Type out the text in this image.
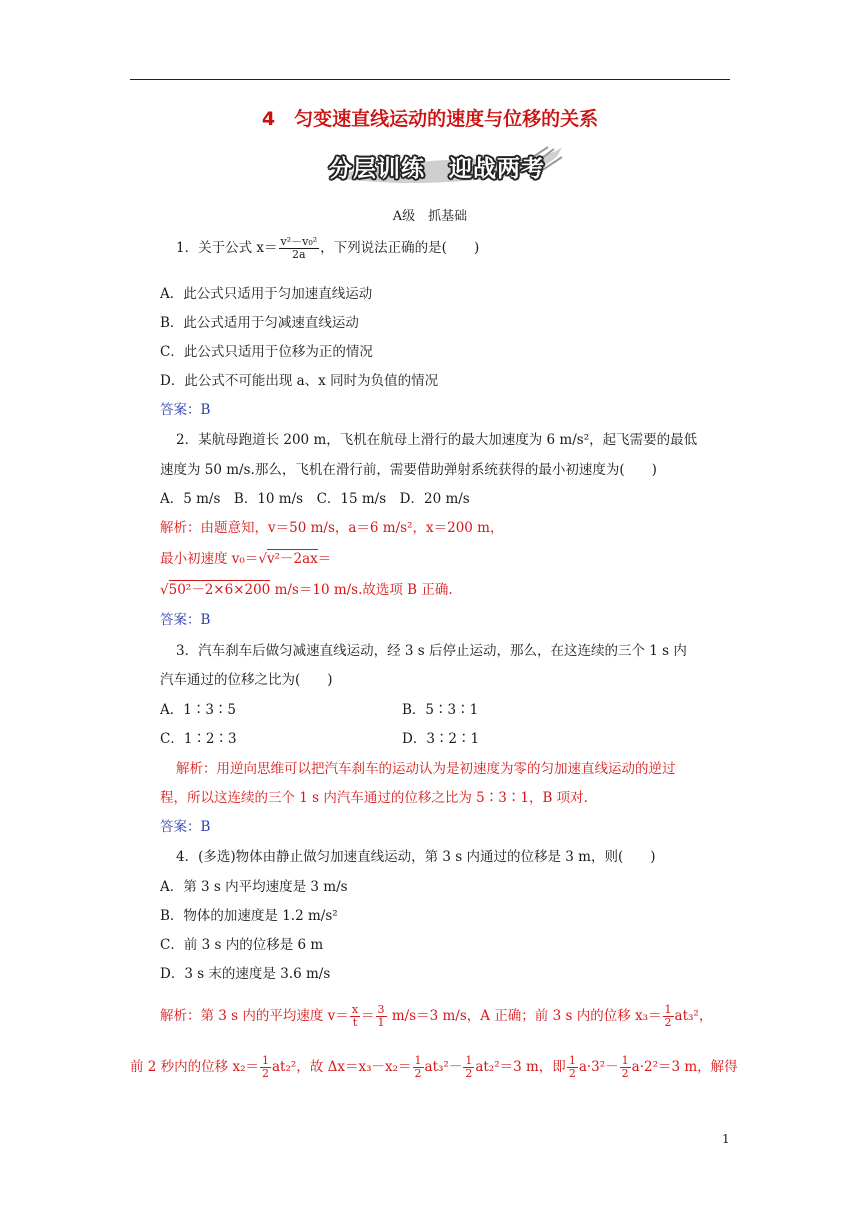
4　匀变速直线运动的速度与位移的关系
分层训练　迎战两考
A级　抓基础
1．关于公式 $x= \frac{\text{v²－v₀²}}{2a}$ ，下列说法正确的是(　　)
A．此公式只适用于匀加速直线运动
B．此公式适用于匀减速直线运动
C．此公式只适用于位移为正的情况
D．此公式不可能出现 a、x 同时为负值的情况
答案：B
2．某航母跑道长 200 m，飞机在航母上滑行的最大加速度为 6 m/s²，起飞需要的最低
速度为 50 m/s.那么，飞机在滑行前，需要借助弹射系统获得的最小初速度为(　　)
A．5 m/s　B．10 m/s　C．15 m/s　D．20 m/s
解析：由题意知，v＝50 m/s，a＝6 m/s²，x＝200 m，
最小初速度 v₀＝√v²－2ax＝
√50²－2×6×200 m/s＝10 m/s.故选项 B 正确.
答案：B
3．汽车刹车后做匀减速直线运动，经 3 s 后停止运动，那么，在这连续的三个 1 s 内
汽车通过的位移之比为(　　)
A．1∶3∶5	B．5∶3∶1
C．1∶2∶3	D．3∶2∶1
解析：用逆向思维可以把汽车刹车的运动认为是初速度为零的匀加速直线运动的逆过
程，所以这连续的三个 1 s 内汽车通过的位移之比为 5∶3∶1，B 项对.
答案：B
4．(多选)物体由静止做匀加速直线运动，第 3 s 内通过的位移是 3 m，则(　　)
A．第 3 s 内平均速度是 3 m/s
B．物体的加速度是 1.2 m/s²
C．前 3 s 内的位移是 6 m
D．3 s 末的速度是 3.6 m/s
解析：第 3 s 内的平均速度 $v= \frac{x}{t} = \frac{3}{1} m/s=3$ m/s，A 正确；前 3 s 内的位移 $x_3= \frac{1}{2} at_3^2$，
前 2 秒内的位移 $x_2= \frac{1}{2} at_2^2$，故 $\Delta x=x_3-x_2= \frac{1}{2} at_3^2- \frac{1}{2} at_2^2=3$ m，即 $\frac{1}{2} a\cdot 3^2- \frac{1}{2} a\cdot 2^2=3$ m，解得
1
